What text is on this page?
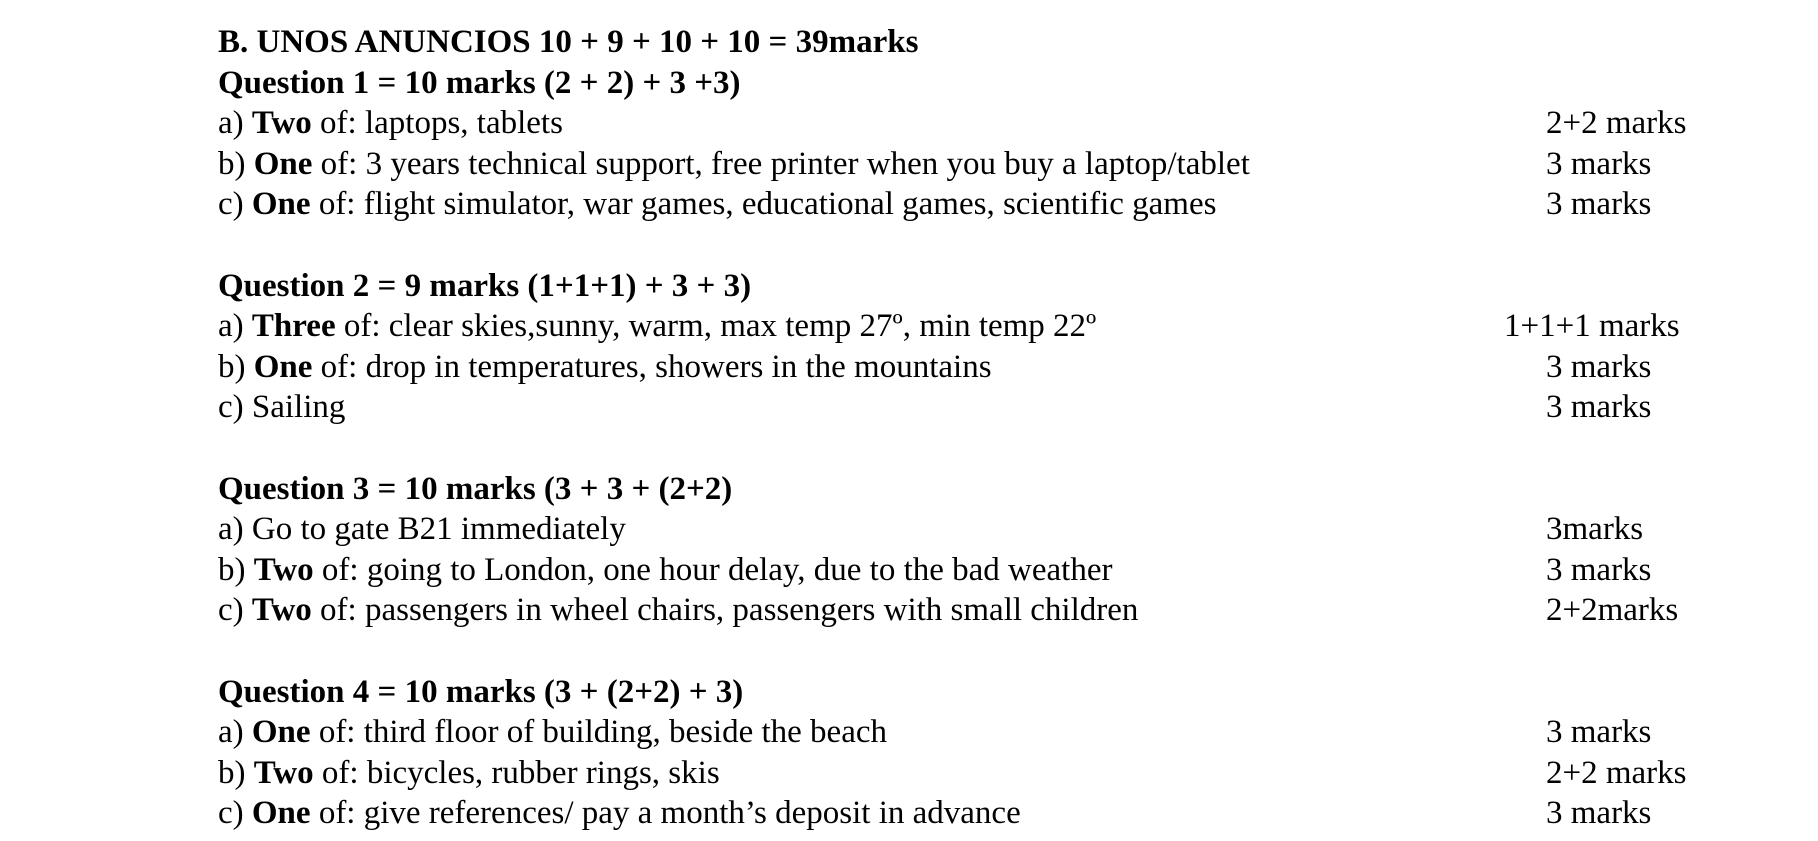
B. UNOS ANUNCIOS 10 + 9 + 10 + 10 = 39marks
Question 1 = 10 marks (2 + 2) + 3 +3)
a) Two of: laptops, tablets	2+2 marks
b) One of: 3 years technical support, free printer when you buy a laptop/tablet	3 marks
c) One of: flight simulator, war games, educational games, scientific games	3 marks
Question 2 = 9 marks (1+1+1) + 3 + 3)
a) Three of: clear skies,sunny, warm, max temp 27º, min temp 22º	1+1+1 marks
b) One of: drop in temperatures, showers in the mountains	3 marks
c) Sailing	3 marks
Question 3 = 10 marks (3 + 3 + (2+2)
a) Go to gate B21 immediately	3marks
b) Two of: going to London, one hour delay, due to the bad weather	3 marks
c) Two of: passengers in wheel chairs, passengers with small children	2+2marks
Question 4 = 10 marks (3 + (2+2) + 3)
a) One of: third floor of building, beside the beach	3 marks
b) Two of: bicycles, rubber rings, skis	2+2 marks
c) One of: give references/ pay a month’s deposit in advance	3 marks
